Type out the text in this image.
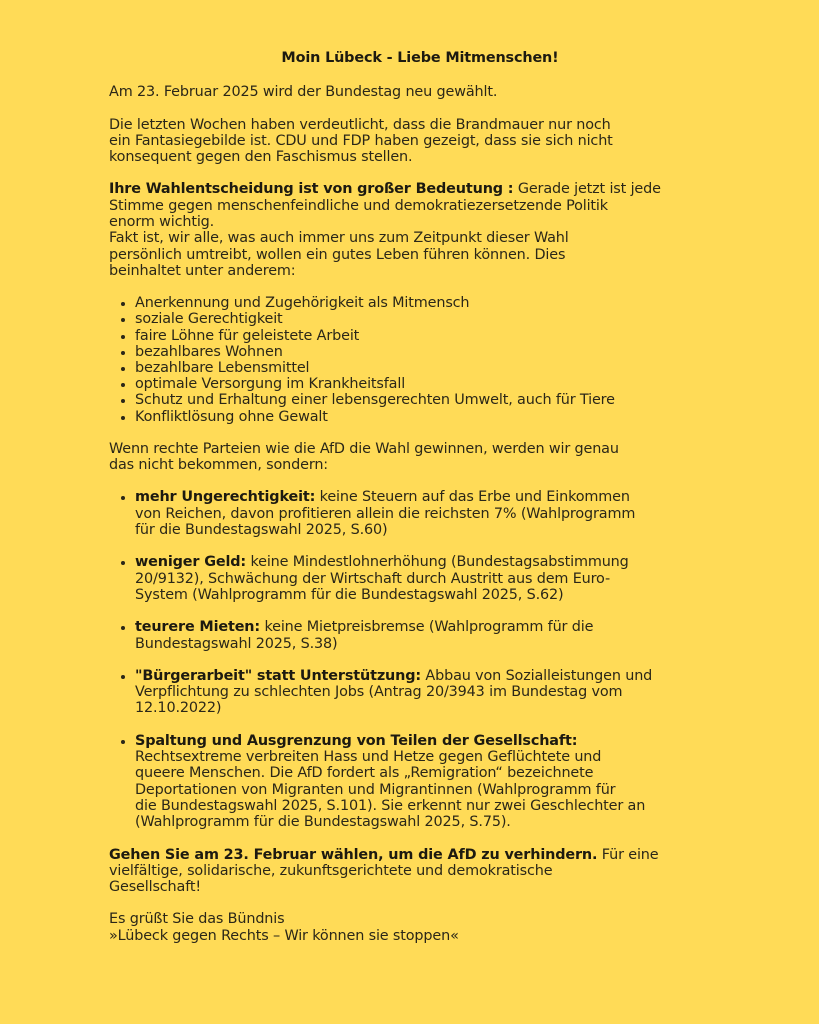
Moin Lübeck - Liebe Mitmenschen!

Am 23. Februar 2025 wird der Bundestag neu gewählt.

Die letzten Wochen haben verdeutlicht, dass die Brandmauer nur noch
ein Fantasiegebilde ist. CDU und FDP haben gezeigt, dass sie sich nicht
konsequent gegen den Faschismus stellen.

Ihre Wahlentscheidung ist von großer Bedeutung : Gerade jetzt ist jede
Stimme gegen menschenfeindliche und demokratiezersetzende Politik
enorm wichtig.
Fakt ist, wir alle, was auch immer uns zum Zeitpunkt dieser Wahl
persönlich umtreibt, wollen ein gutes Leben führen können. Dies
beinhaltet unter anderem:

Anerkennung und Zugehörigkeit als Mitmensch
soziale Gerechtigkeit
faire Löhne für geleistete Arbeit
bezahlbares Wohnen
bezahlbare Lebensmittel
optimale Versorgung im Krankheitsfall
Schutz und Erhaltung einer lebensgerechten Umwelt, auch für Tiere
Konfliktlösung ohne Gewalt

Wenn rechte Parteien wie die AfD die Wahl gewinnen, werden wir genau
das nicht bekommen, sondern:

mehr Ungerechtigkeit: keine Steuern auf das Erbe und Einkommen
von Reichen, davon profitieren allein die reichsten 7% (Wahlprogramm
für die Bundestagswahl 2025, S.60)
weniger Geld: keine Mindestlohnerhöhung (Bundestagsabstimmung
20/9132), Schwächung der Wirtschaft durch Austritt aus dem Euro-
System (Wahlprogramm für die Bundestagswahl 2025, S.62)
teurere Mieten: keine Mietpreisbremse (Wahlprogramm für die
Bundestagswahl 2025, S.38)
"Bürgerarbeit" statt Unterstützung: Abbau von Sozialleistungen und
Verpflichtung zu schlechten Jobs (Antrag 20/3943 im Bundestag vom
12.10.2022)
Spaltung und Ausgrenzung von Teilen der Gesellschaft:
Rechtsextreme verbreiten Hass und Hetze gegen Geflüchtete und
queere Menschen. Die AfD fordert als „Remigration“ bezeichnete
Deportationen von Migranten und Migrantinnen (Wahlprogramm für
die Bundestagswahl 2025, S.101). Sie erkennt nur zwei Geschlechter an
(Wahlprogramm für die Bundestagswahl 2025, S.75).

Gehen Sie am 23. Februar wählen, um die AfD zu verhindern. Für eine
vielfältige, solidarische, zukunftsgerichtete und demokratische
Gesellschaft!

Es grüßt Sie das Bündnis
»Lübeck gegen Rechts – Wir können sie stoppen«
